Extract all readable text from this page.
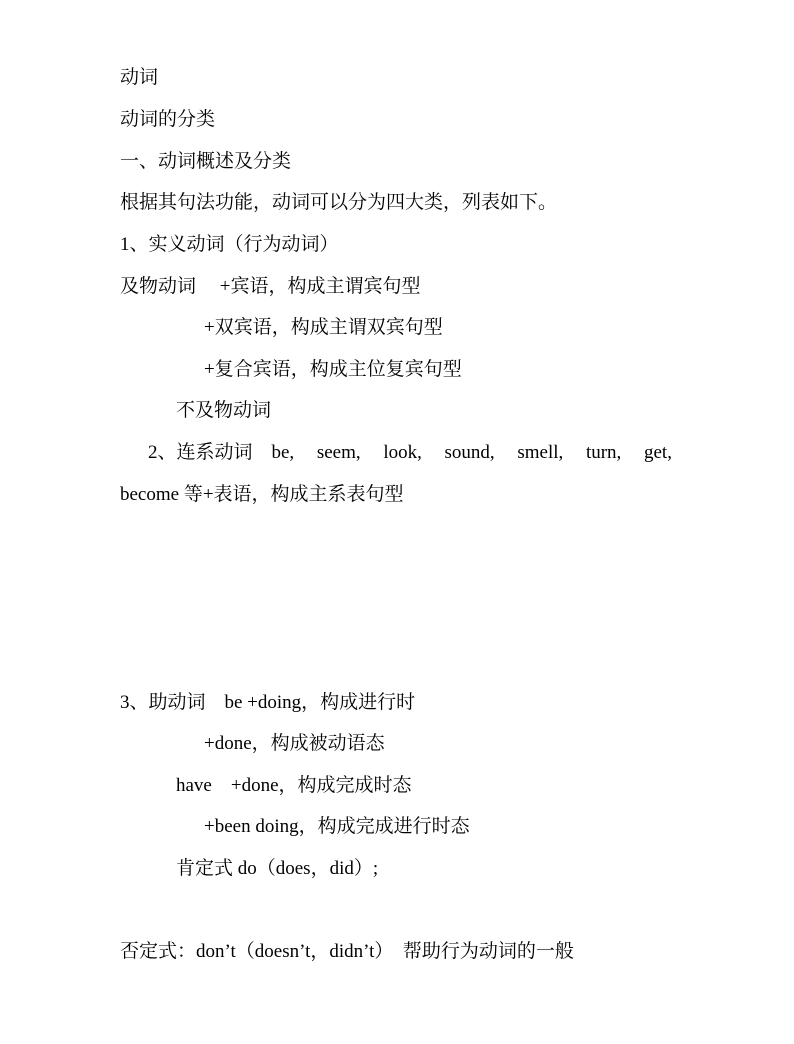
动词
动词的分类
一、动词概述及分类
根据其句法功能，动词可以分为四大类，列表如下。
1、实义动词（行为动词）
及物动词　 +宾语，构成主谓宾句型
+双宾语，构成主谓双宾句型
+复合宾语，构成主位复宾句型
不及物动词
2、连系动词　be, seem, look, sound, smell, turn, get,
become 等+表语，构成主系表句型
3、助动词　be +doing，构成进行时
+done，构成被动语态
have　+done，构成完成时态
+been doing，构成完成进行时态
肯定式 do（does，did）;
否定式：don’t（doesn’t，didn’t）　帮助行为动词的一般
